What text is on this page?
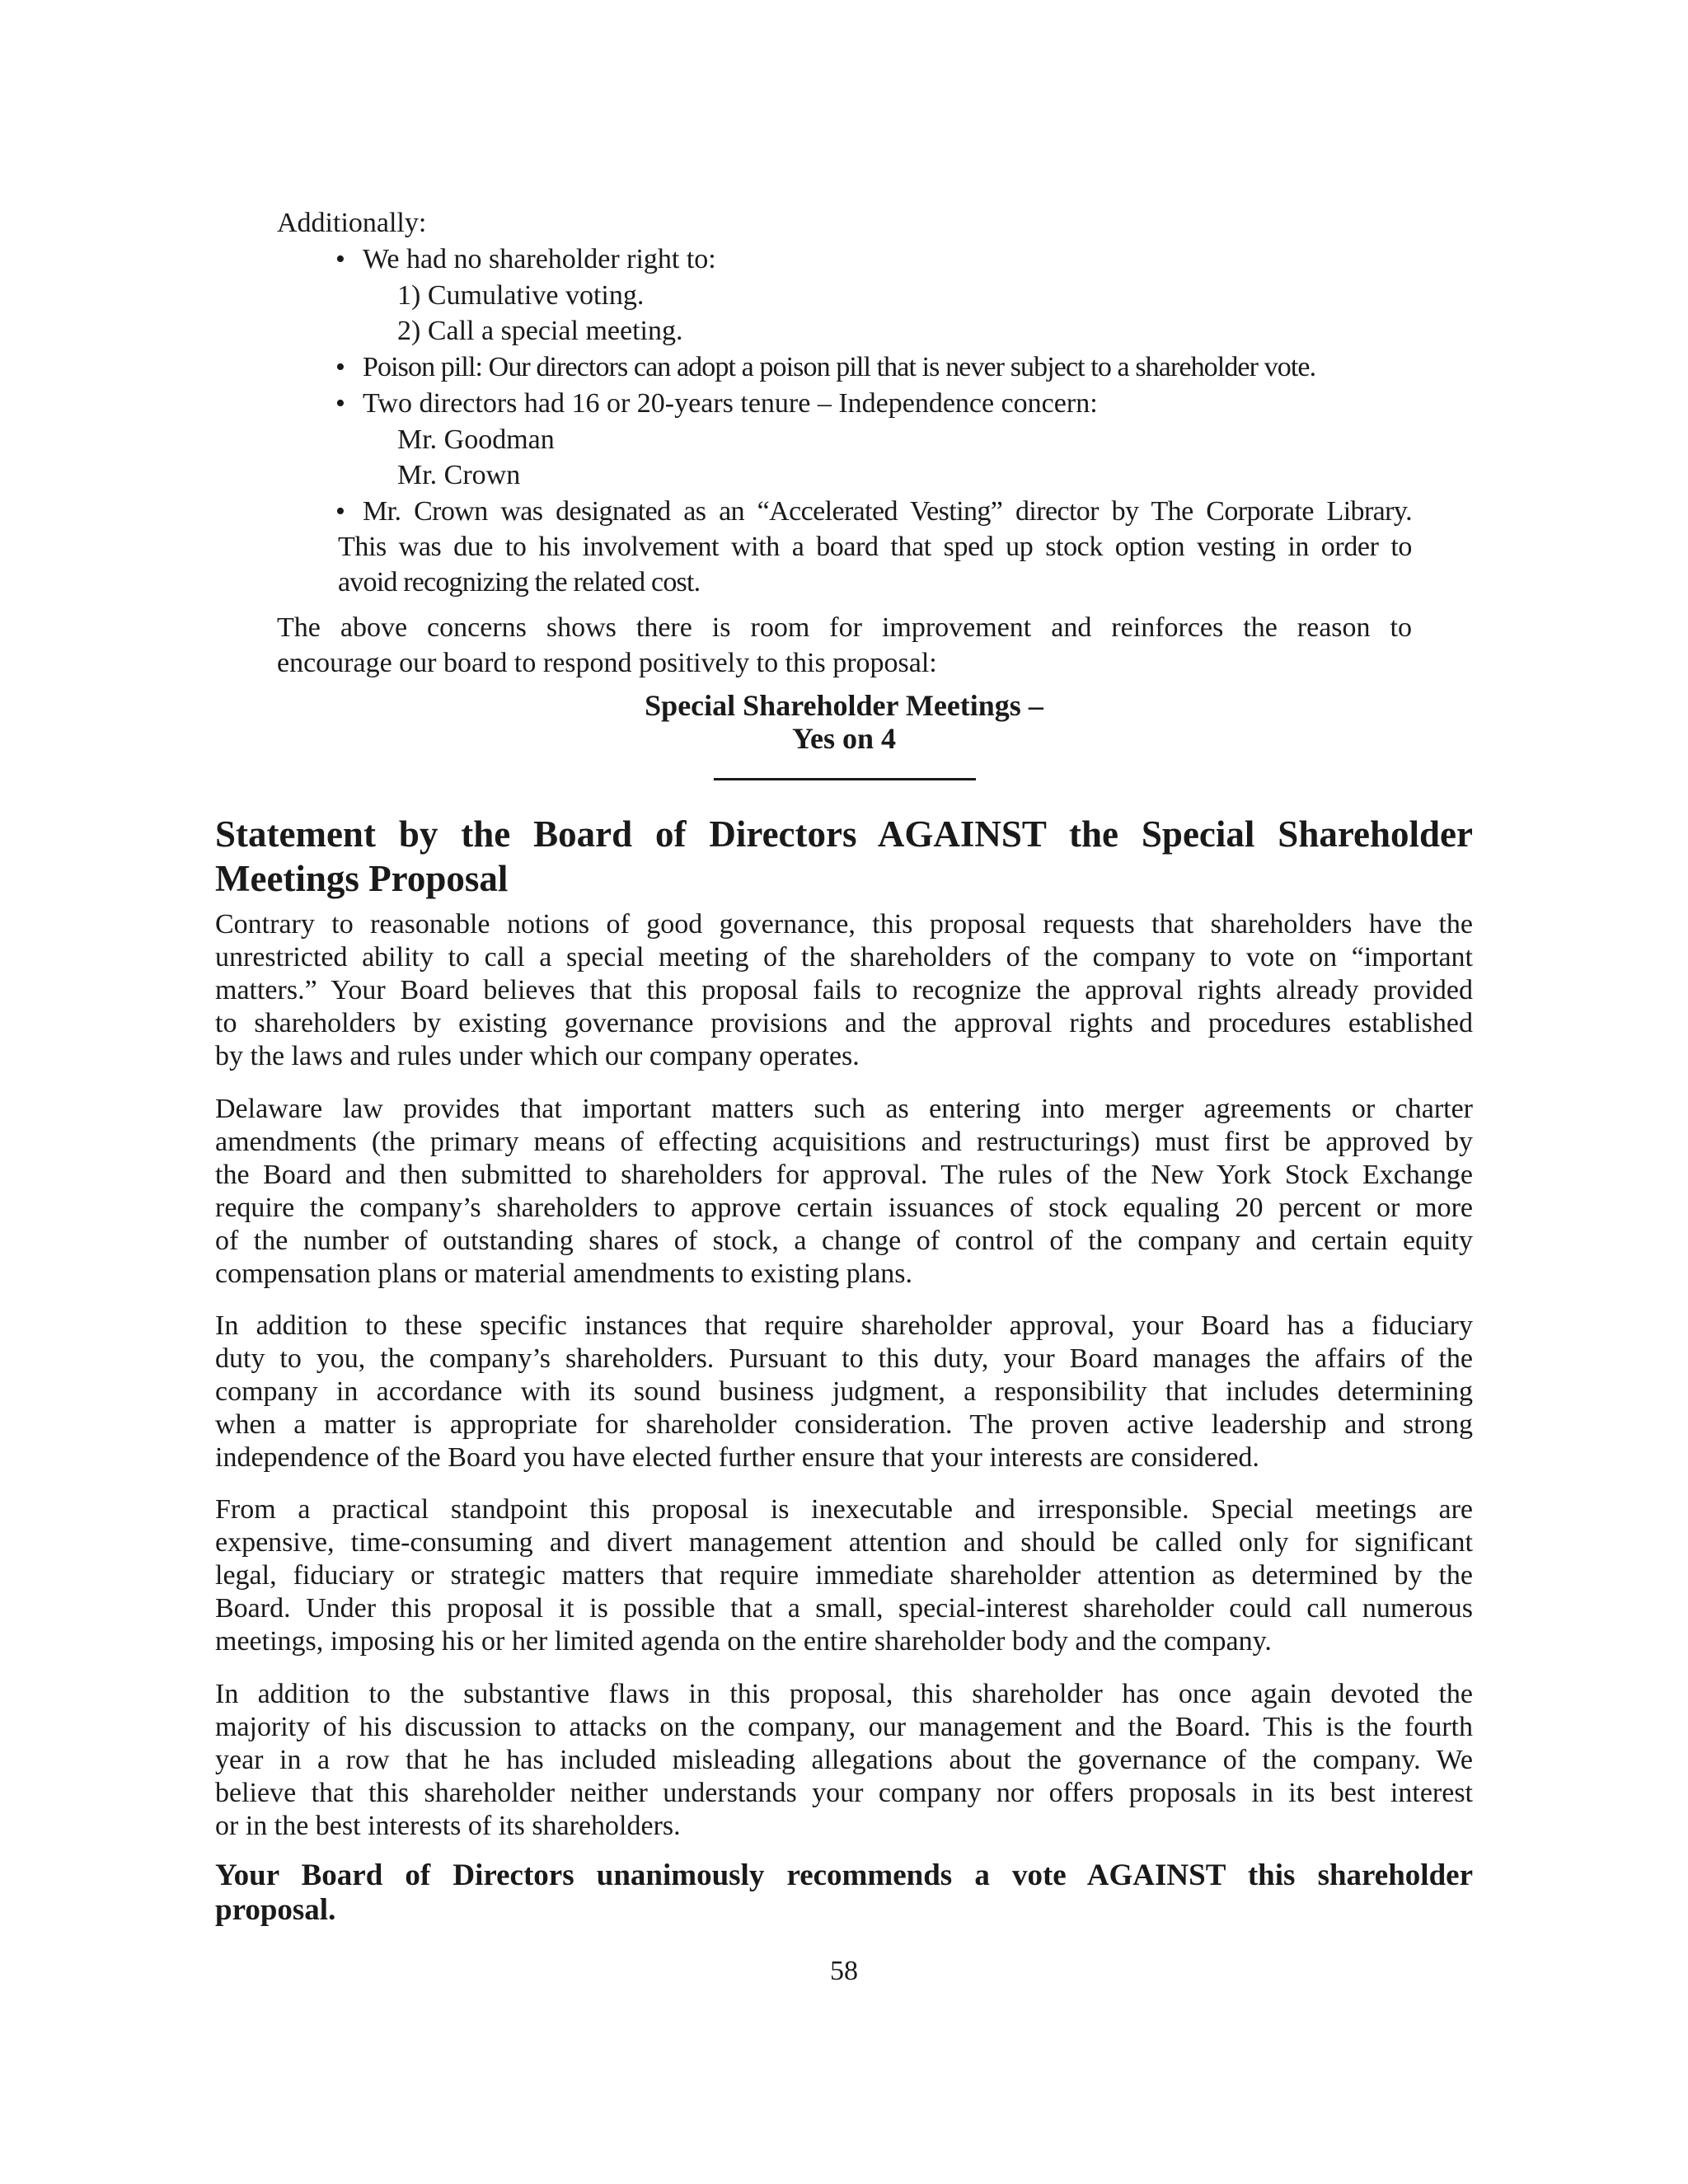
Additionally:
• We had no shareholder right to:
1) Cumulative voting.
2) Call a special meeting.
• Poison pill: Our directors can adopt a poison pill that is never subject to a shareholder vote.
• Two directors had 16 or 20-years tenure – Independence concern:
Mr. Goodman
Mr. Crown
• Mr. Crown was designated as an “Accelerated Vesting” director by The Corporate Library.
This was due to his involvement with a board that sped up stock option vesting in order to
avoid recognizing the related cost.
The above concerns shows there is room for improvement and reinforces the reason to
encourage our board to respond positively to this proposal:
Special Shareholder Meetings –
Yes on 4
Statement by the Board of Directors AGAINST the Special Shareholder
Meetings Proposal
Contrary to reasonable notions of good governance, this proposal requests that shareholders have the
unrestricted ability to call a special meeting of the shareholders of the company to vote on “important
matters.” Your Board believes that this proposal fails to recognize the approval rights already provided
to shareholders by existing governance provisions and the approval rights and procedures established
by the laws and rules under which our company operates.
Delaware law provides that important matters such as entering into merger agreements or charter
amendments (the primary means of effecting acquisitions and restructurings) must first be approved by
the Board and then submitted to shareholders for approval. The rules of the New York Stock Exchange
require the company’s shareholders to approve certain issuances of stock equaling 20 percent or more
of the number of outstanding shares of stock, a change of control of the company and certain equity
compensation plans or material amendments to existing plans.
In addition to these specific instances that require shareholder approval, your Board has a fiduciary
duty to you, the company’s shareholders. Pursuant to this duty, your Board manages the affairs of the
company in accordance with its sound business judgment, a responsibility that includes determining
when a matter is appropriate for shareholder consideration. The proven active leadership and strong
independence of the Board you have elected further ensure that your interests are considered.
From a practical standpoint this proposal is inexecutable and irresponsible. Special meetings are
expensive, time-consuming and divert management attention and should be called only for significant
legal, fiduciary or strategic matters that require immediate shareholder attention as determined by the
Board. Under this proposal it is possible that a small, special-interest shareholder could call numerous
meetings, imposing his or her limited agenda on the entire shareholder body and the company.
In addition to the substantive flaws in this proposal, this shareholder has once again devoted the
majority of his discussion to attacks on the company, our management and the Board. This is the fourth
year in a row that he has included misleading allegations about the governance of the company. We
believe that this shareholder neither understands your company nor offers proposals in its best interest
or in the best interests of its shareholders.
Your Board of Directors unanimously recommends a vote AGAINST this shareholder
proposal.
58
